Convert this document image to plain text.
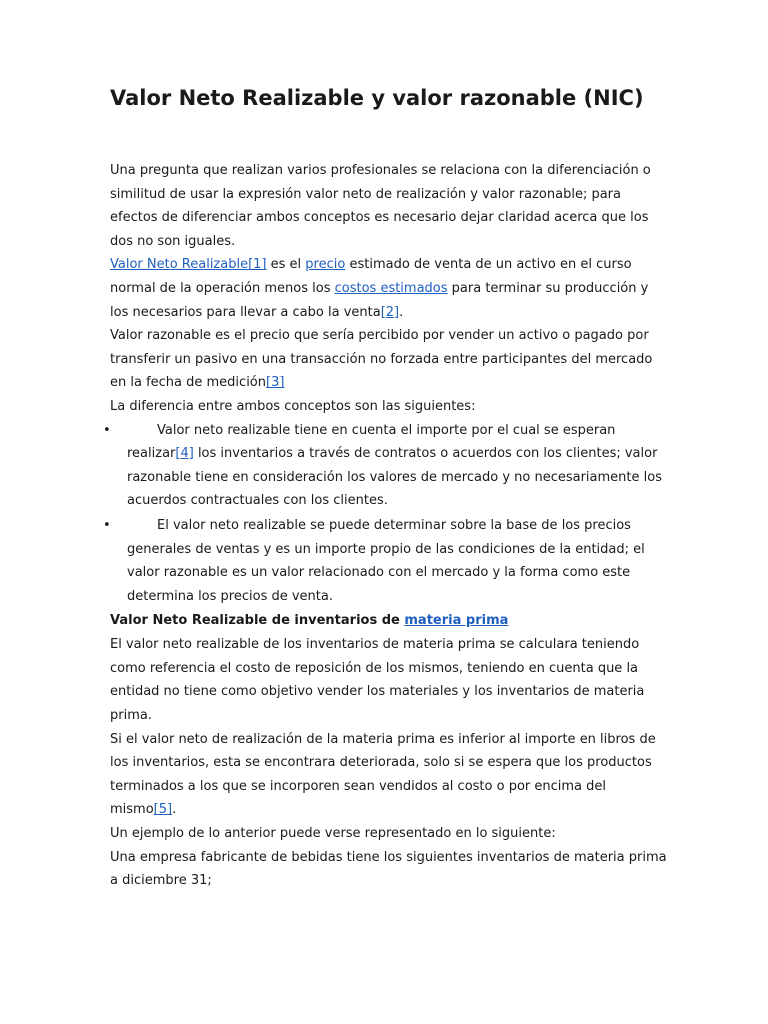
Valor Neto Realizable y valor razonable (NIC)

Una pregunta que realizan varios profesionales se relaciona con la diferenciación o similitud de usar la expresión valor neto de realización y valor razonable; para efectos de diferenciar ambos conceptos es necesario dejar claridad acerca que los dos no son iguales.

Valor Neto Realizable[1] es el precio estimado de venta de un activo en el curso normal de la operación menos los costos estimados para terminar su producción y los necesarios para llevar a cabo la venta[2].

Valor razonable es el precio que sería percibido por vender un activo o pagado por transferir un pasivo en una transacción no forzada entre participantes del mercado en la fecha de medición[3]

La diferencia entre ambos conceptos son las siguientes:

•	Valor neto realizable tiene en cuenta el importe por el cual se esperan realizar[4] los inventarios a través de contratos o acuerdos con los clientes; valor razonable tiene en consideración los valores de mercado y no necesariamente los acuerdos contractuales con los clientes.
•	El valor neto realizable se puede determinar sobre la base de los precios generales de ventas y es un importe propio de las condiciones de la entidad; el valor razonable es un valor relacionado con el mercado y la forma como este determina los precios de venta.
Valor Neto Realizable de inventarios de materia prima

El valor neto realizable de los inventarios de materia prima se calculara teniendo como referencia el costo de reposición de los mismos, teniendo en cuenta que la entidad no tiene como objetivo vender los materiales y los inventarios de materia prima.

Si el valor neto de realización de la materia prima es inferior al importe en libros de los inventarios, esta se encontrara deteriorada, solo si se espera que los productos terminados a los que se incorporen sean vendidos al costo o por encima del mismo[5].

Un ejemplo de lo anterior puede verse representado en lo siguiente:

Una empresa fabricante de bebidas tiene los siguientes inventarios de materia prima a diciembre 31;
